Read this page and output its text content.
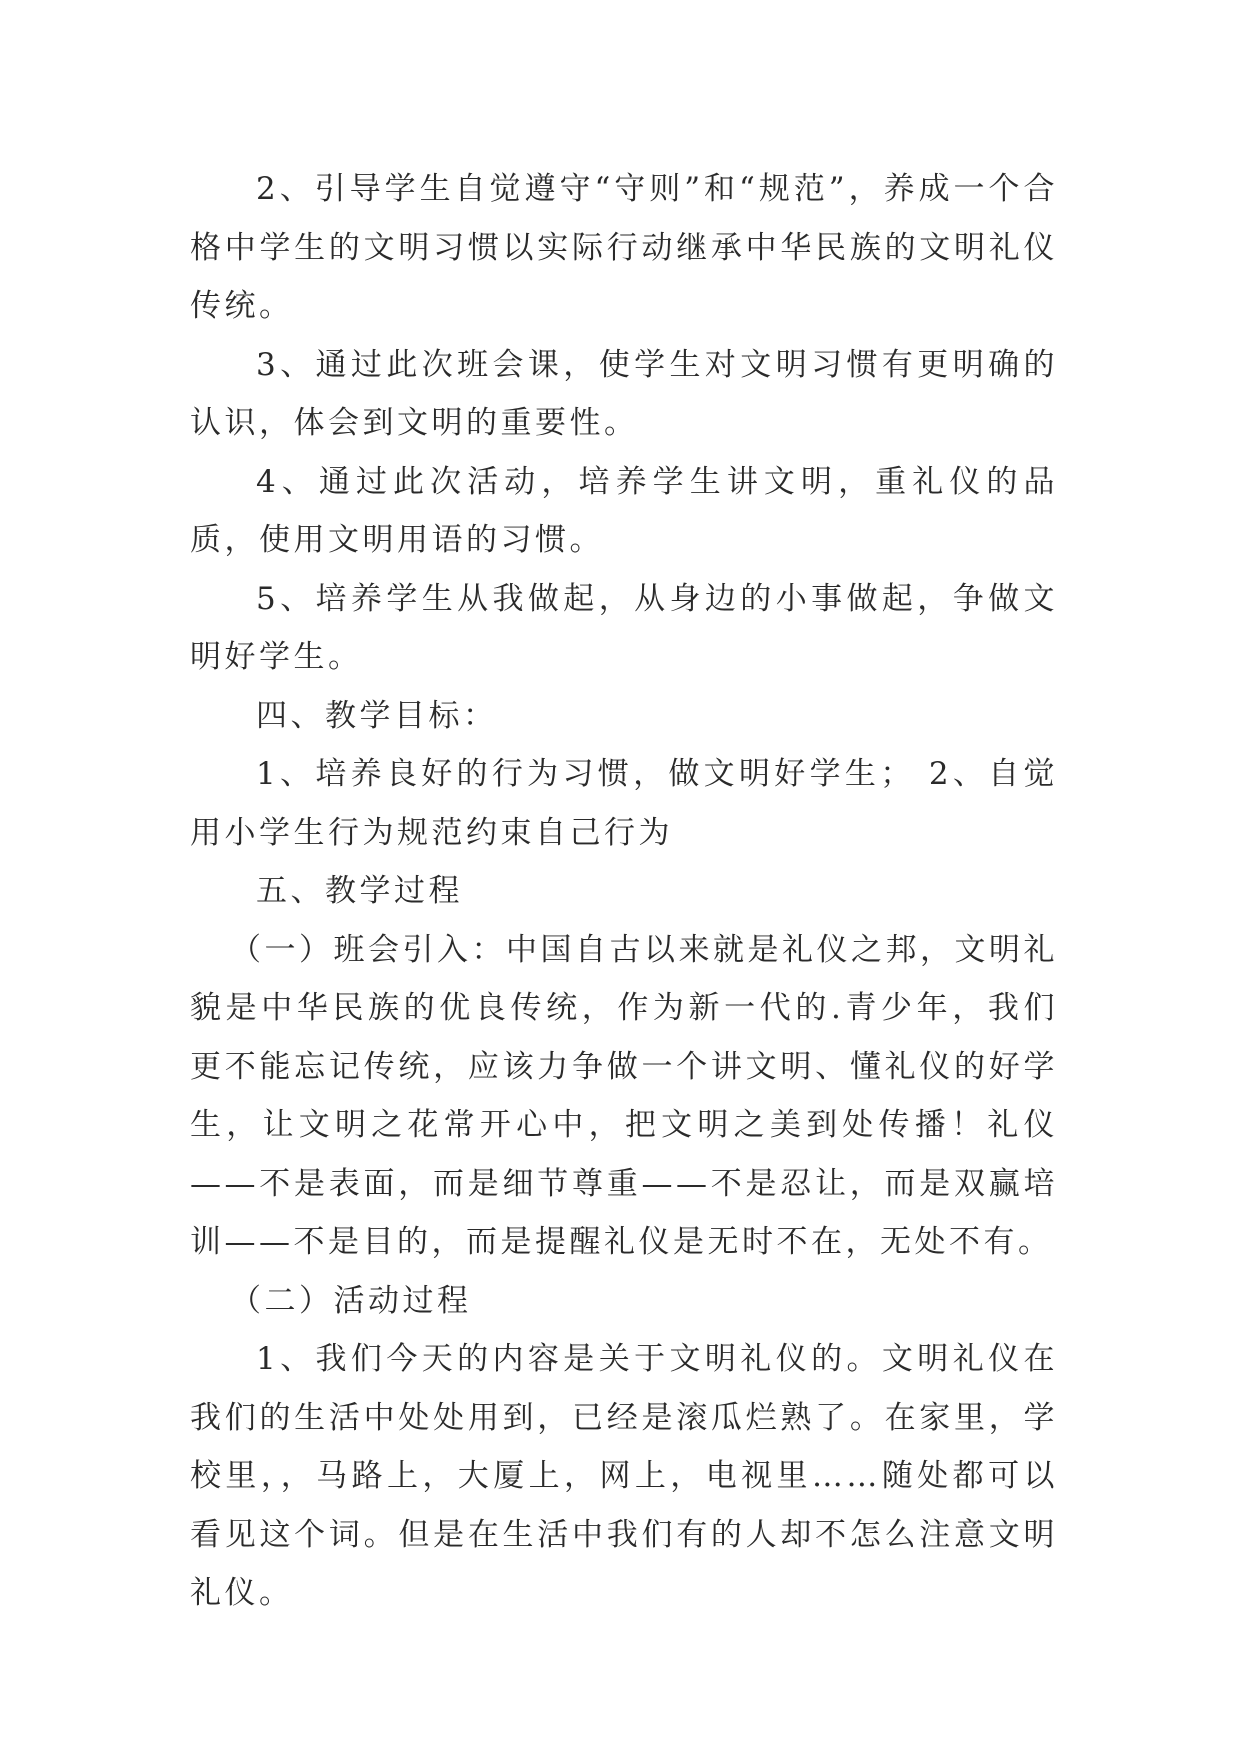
2、引导学生自觉遵守“守则”和“规范”，养成一个合格中学生的文明习惯以实际行动继承中华民族的文明礼仪传统。

3、通过此次班会课，使学生对文明习惯有更明确的认识，体会到文明的重要性。

4、通过此次活动，培养学生讲文明，重礼仪的品质，使用文明用语的习惯。

5、培养学生从我做起，从身边的小事做起，争做文明好学生。

四、教学目标：

1、培养良好的行为习惯，做文明好学生； 2、自觉用小学生行为规范约束自己行为

五、教学过程

（一）班会引入：中国自古以来就是礼仪之邦，文明礼貌是中华民族的优良传统，作为新一代的.青少年，我们更不能忘记传统，应该力争做一个讲文明、懂礼仪的好学生，让文明之花常开心中，把文明之美到处传播！礼仪——不是表面，而是细节尊重——不是忍让，而是双赢培训——不是目的，而是提醒礼仪是无时不在，无处不有。

（二）活动过程

1、我们今天的内容是关于文明礼仪的。文明礼仪在我们的生活中处处用到，已经是滚瓜烂熟了。在家里，学校里，，马路上，大厦上，网上，电视里……随处都可以看见这个词。但是在生活中我们有的人却不怎么注意文明礼仪。
